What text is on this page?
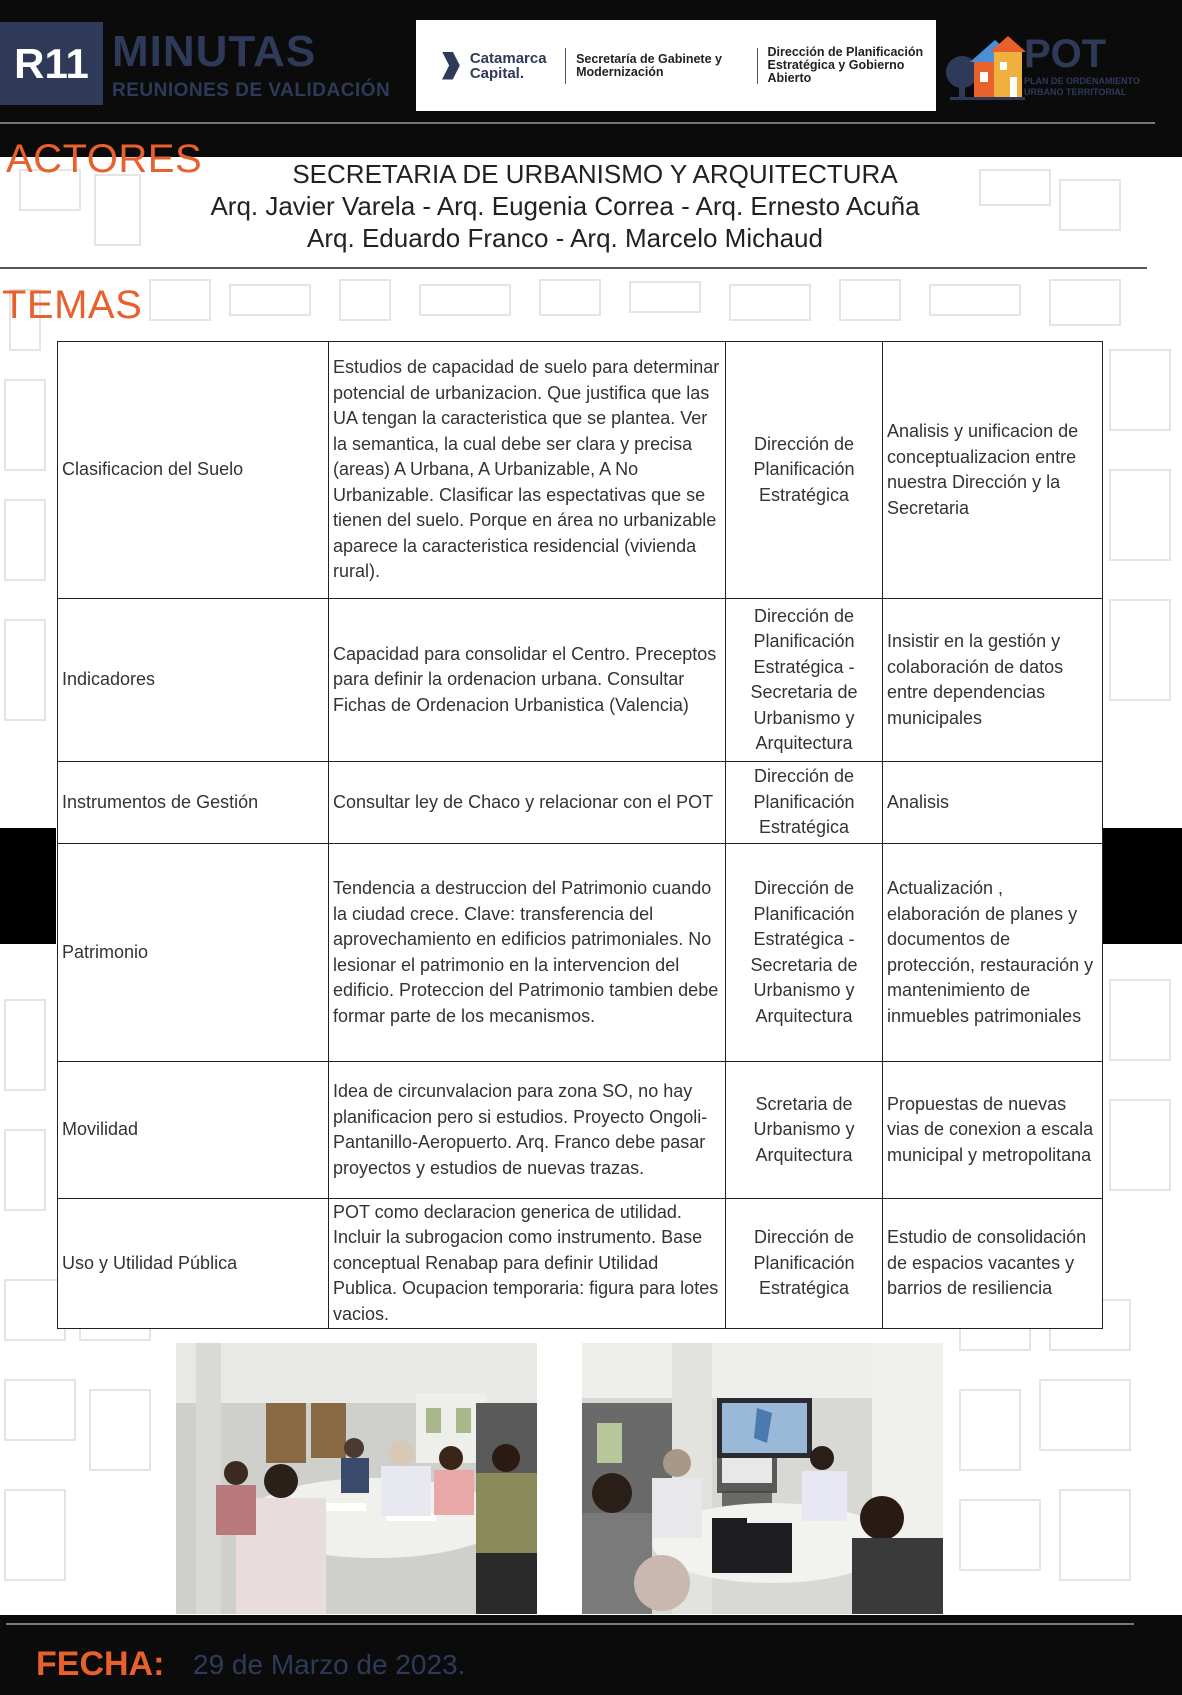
R11 MINUTAS
REUNIONES DE VALIDACIÓN
Catamarca Capital.
Secretaría de Gabinete y Modernización
Dirección de Planificación Estratégica y Gobierno Abierto
POT
PLAN DE ORDENAMIENTO URBANO TERRITORIAL
ACTORES	SECRETARIA DE URBANISMO Y ARQUITECTURA
Arq. Javier Varela - Arq. Eugenia Correa - Arq. Ernesto Acuña
Arq. Eduardo Franco - Arq. Marcelo Michaud
TEMAS
Clasificacion del Suelo	Estudios de capacidad de suelo para determinar potencial de urbanizacion. Que justifica que las UA tengan la caracteristica que se plantea. Ver la semantica, la cual debe ser clara y precisa (areas) A Urbana, A Urbanizable, A No Urbanizable. Clasificar las espectativas que se tienen del suelo. Porque en área no urbanizable aparece la caracteristica residencial (vivienda rural).	Dirección de Planificación Estratégica	Analisis y unificacion de conceptualizacion entre nuestra Dirección y la Secretaria
Indicadores	Capacidad para consolidar el Centro. Preceptos para definir la ordenacion urbana. Consultar Fichas de Ordenacion Urbanistica (Valencia)	Dirección de Planificación Estratégica - Secretaria de Urbanismo y Arquitectura	Insistir en la gestión y colaboración de datos entre dependencias municipales
Instrumentos de Gestión	Consultar ley de Chaco y relacionar con el POT	Dirección de Planificación Estratégica	Analisis
Patrimonio	Tendencia a destruccion del Patrimonio cuando la ciudad crece. Clave: transferencia del aprovechamiento en edificios patrimoniales. No lesionar el patrimonio en la intervencion del edificio. Proteccion del Patrimonio tambien debe formar parte de los mecanismos.	Dirección de Planificación Estratégica - Secretaria de Urbanismo y Arquitectura	Actualización , elaboración de planes y documentos de protección, restauración y mantenimiento de inmuebles patrimoniales
Movilidad	Idea de circunvalacion para zona SO, no hay planificacion pero si estudios. Proyecto Ongoli-Pantanillo-Aeropuerto. Arq. Franco debe pasar proyectos y estudios de nuevas trazas.	Scretaria de Urbanismo y Arquitectura	Propuestas de nuevas vias de conexion a escala municipal y metropolitana
Uso y Utilidad Pública	POT como declaracion generica de utilidad. Incluir la subrogacion como instrumento. Base conceptual Renabap para definir Utilidad Publica. Ocupacion temporaria: figura para lotes vacios.	Dirección de Planificación Estratégica	Estudio de consolidación de espacios vacantes y barrios de resiliencia
FECHA: 29 de Marzo de 2023.
